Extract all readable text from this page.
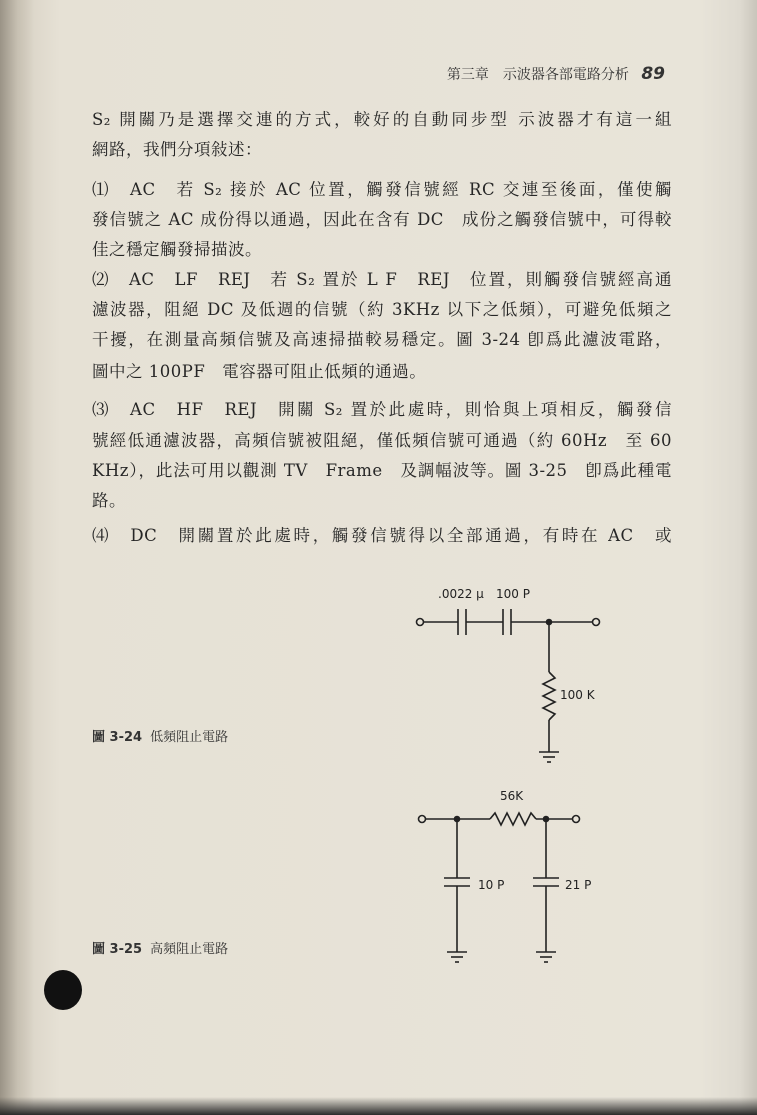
第三章　示波器各部電路分析 89
S₂ 開關乃是選擇交連的方式，較好的自動同步型 示波器才有這一組
網路，我們分項敍述：
⑴　AC　若 S₂ 接於 AC 位置，觸發信號經 RC 交連至後面，僅使觸
發信號之 AC 成份得以通過，因此在含有 DC　成份之觸發信號中，可得較
佳之穩定觸發掃描波。
⑵　AC　LF　REJ　若 S₂ 置於 L F　REJ　位置，則觸發信號經高通
濾波器，阻絕 DC 及低週的信號（約 3KHz 以下之低頻），可避免低頻之
干擾，在測量高頻信號及高速掃描較易穩定。圖 3-24 卽爲此濾波電路，
圖中之 100PF　電容器可阻止低頻的通過。
⑶　AC　HF　REJ　開關 S₂ 置於此處時，則恰與上項相反，觸發信
號經低通濾波器，高頻信號被阻絕，僅低頻信號可通過（約 60Hz　至 60
KHz），此法可用以觀測 TV　Frame　及調幅波等。圖 3-25　卽爲此種電
路。
⑷　DC　開關置於此處時，觸發信號得以全部通過，有時在 AC　或
.0022 μ 100 P
100 K
56K
10 P	21 P
圖 3-24 低頻阻止電路
圖 3-25 高頻阻止電路
